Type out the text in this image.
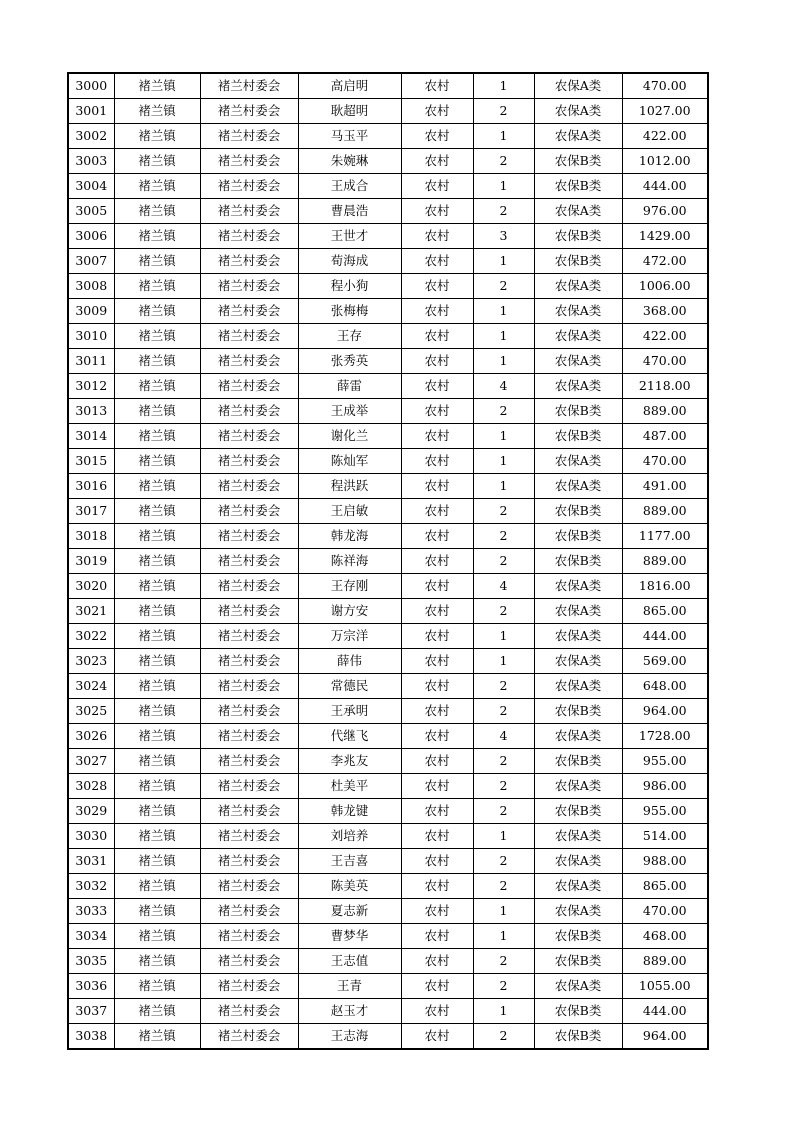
3000	褚兰镇	褚兰村委会	高启明	农村	1	农保A类	470.00
3001	褚兰镇	褚兰村委会	耿超明	农村	2	农保A类	1027.00
3002	褚兰镇	褚兰村委会	马玉平	农村	1	农保A类	422.00
3003	褚兰镇	褚兰村委会	朱婉琳	农村	2	农保B类	1012.00
3004	褚兰镇	褚兰村委会	王成合	农村	1	农保B类	444.00
3005	褚兰镇	褚兰村委会	曹晨浩	农村	2	农保A类	976.00
3006	褚兰镇	褚兰村委会	王世才	农村	3	农保B类	1429.00
3007	褚兰镇	褚兰村委会	荀海成	农村	1	农保B类	472.00
3008	褚兰镇	褚兰村委会	程小狗	农村	2	农保A类	1006.00
3009	褚兰镇	褚兰村委会	张梅梅	农村	1	农保A类	368.00
3010	褚兰镇	褚兰村委会	王存	农村	1	农保A类	422.00
3011	褚兰镇	褚兰村委会	张秀英	农村	1	农保A类	470.00
3012	褚兰镇	褚兰村委会	薛雷	农村	4	农保A类	2118.00
3013	褚兰镇	褚兰村委会	王成举	农村	2	农保B类	889.00
3014	褚兰镇	褚兰村委会	谢化兰	农村	1	农保B类	487.00
3015	褚兰镇	褚兰村委会	陈灿军	农村	1	农保A类	470.00
3016	褚兰镇	褚兰村委会	程洪跃	农村	1	农保A类	491.00
3017	褚兰镇	褚兰村委会	王启敏	农村	2	农保B类	889.00
3018	褚兰镇	褚兰村委会	韩龙海	农村	2	农保B类	1177.00
3019	褚兰镇	褚兰村委会	陈祥海	农村	2	农保B类	889.00
3020	褚兰镇	褚兰村委会	王存刚	农村	4	农保A类	1816.00
3021	褚兰镇	褚兰村委会	谢方安	农村	2	农保A类	865.00
3022	褚兰镇	褚兰村委会	万宗洋	农村	1	农保A类	444.00
3023	褚兰镇	褚兰村委会	薛伟	农村	1	农保A类	569.00
3024	褚兰镇	褚兰村委会	常德民	农村	2	农保A类	648.00
3025	褚兰镇	褚兰村委会	王承明	农村	2	农保B类	964.00
3026	褚兰镇	褚兰村委会	代继飞	农村	4	农保A类	1728.00
3027	褚兰镇	褚兰村委会	李兆友	农村	2	农保B类	955.00
3028	褚兰镇	褚兰村委会	杜美平	农村	2	农保A类	986.00
3029	褚兰镇	褚兰村委会	韩龙键	农村	2	农保B类	955.00
3030	褚兰镇	褚兰村委会	刘培养	农村	1	农保A类	514.00
3031	褚兰镇	褚兰村委会	王吉喜	农村	2	农保A类	988.00
3032	褚兰镇	褚兰村委会	陈美英	农村	2	农保A类	865.00
3033	褚兰镇	褚兰村委会	夏志新	农村	1	农保A类	470.00
3034	褚兰镇	褚兰村委会	曹梦华	农村	1	农保B类	468.00
3035	褚兰镇	褚兰村委会	王志值	农村	2	农保B类	889.00
3036	褚兰镇	褚兰村委会	王青	农村	2	农保A类	1055.00
3037	褚兰镇	褚兰村委会	赵玉才	农村	1	农保B类	444.00
3038	褚兰镇	褚兰村委会	王志海	农村	2	农保B类	964.00
